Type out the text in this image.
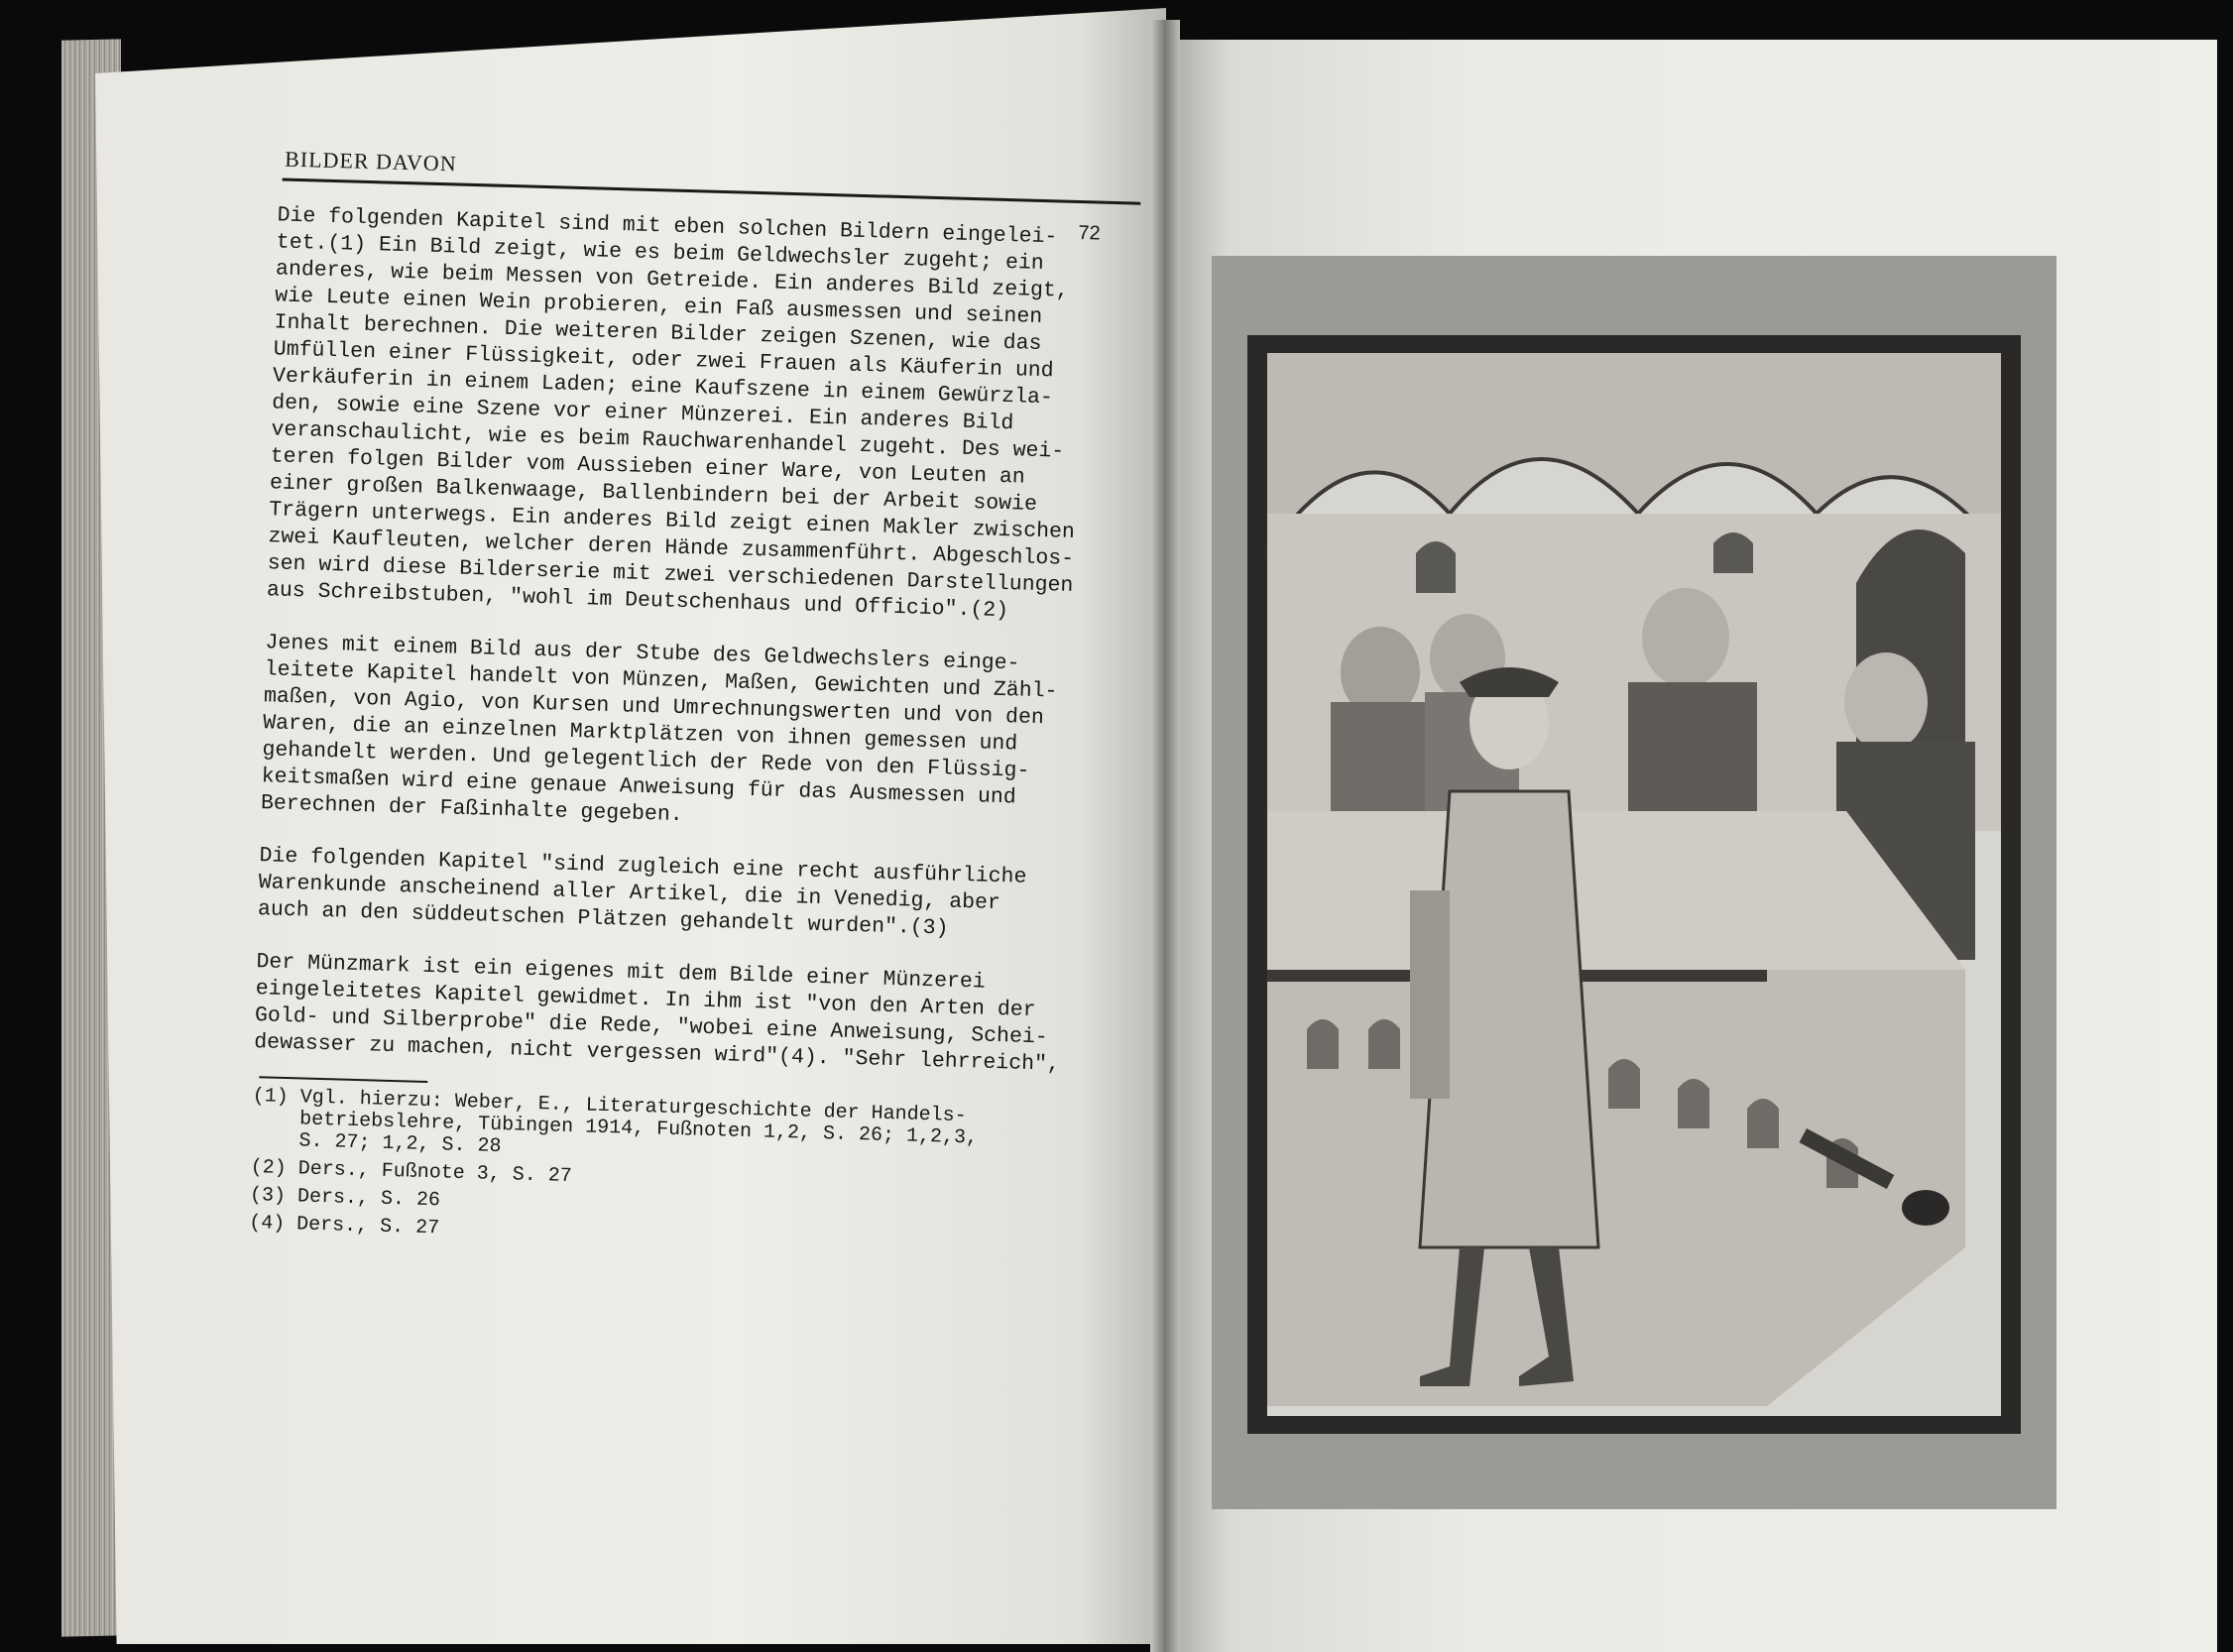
BILDER DAVON
72
Die folgenden Kapitel sind mit eben solchen Bildern eingelei-
tet.(1) Ein Bild zeigt, wie es beim Geldwechsler zugeht; ein
anderes, wie beim Messen von Getreide. Ein anderes Bild zeigt,
wie Leute einen Wein probieren, ein Faß ausmessen und seinen
Inhalt berechnen. Die weiteren Bilder zeigen Szenen, wie das
Umfüllen einer Flüssigkeit, oder zwei Frauen als Käuferin und
Verkäuferin in einem Laden; eine Kaufszene in einem Gewürzla-
den, sowie eine Szene vor einer Münzerei. Ein anderes Bild
veranschaulicht, wie es beim Rauchwarenhandel zugeht. Des wei-
teren folgen Bilder vom Aussieben einer Ware, von Leuten an
einer großen Balkenwaage, Ballenbindern bei der Arbeit sowie
Trägern unterwegs. Ein anderes Bild zeigt einen Makler zwischen
zwei Kaufleuten, welcher deren Hände zusammenführt. Abgeschlos-
sen wird diese Bilderserie mit zwei verschiedenen Darstellungen
aus Schreibstuben, "wohl im Deutschenhaus und Officio".(2)
Jenes mit einem Bild aus der Stube des Geldwechslers einge-
leitete Kapitel handelt von Münzen, Maßen, Gewichten und Zähl-
maßen, von Agio, von Kursen und Umrechnungswerten und von den
Waren, die an einzelnen Marktplätzen von ihnen gemessen und
gehandelt werden. Und gelegentlich der Rede von den Flüssig-
keitsmaßen wird eine genaue Anweisung für das Ausmessen und
Berechnen der Faßinhalte gegeben.
Die folgenden Kapitel "sind zugleich eine recht ausführliche
Warenkunde anscheinend aller Artikel, die in Venedig, aber
auch an den süddeutschen Plätzen gehandelt wurden".(3)
Der Münzmark ist ein eigenes mit dem Bilde einer Münzerei
eingeleitetes Kapitel gewidmet. In ihm ist "von den Arten der
Gold- und Silberprobe" die Rede, "wobei eine Anweisung, Schei-
dewasser zu machen, nicht vergessen wird"(4). "Sehr lehrreich",
(1) Vgl. hierzu: Weber, E., Literaturgeschichte der Handels-
betriebslehre, Tübingen 1914, Fußnoten 1,2, S. 26; 1,2,3,
S. 27; 1,2, S. 28
(2) Ders., Fußnote 3, S. 27
(3) Ders., S. 26
(4) Ders., S. 27
